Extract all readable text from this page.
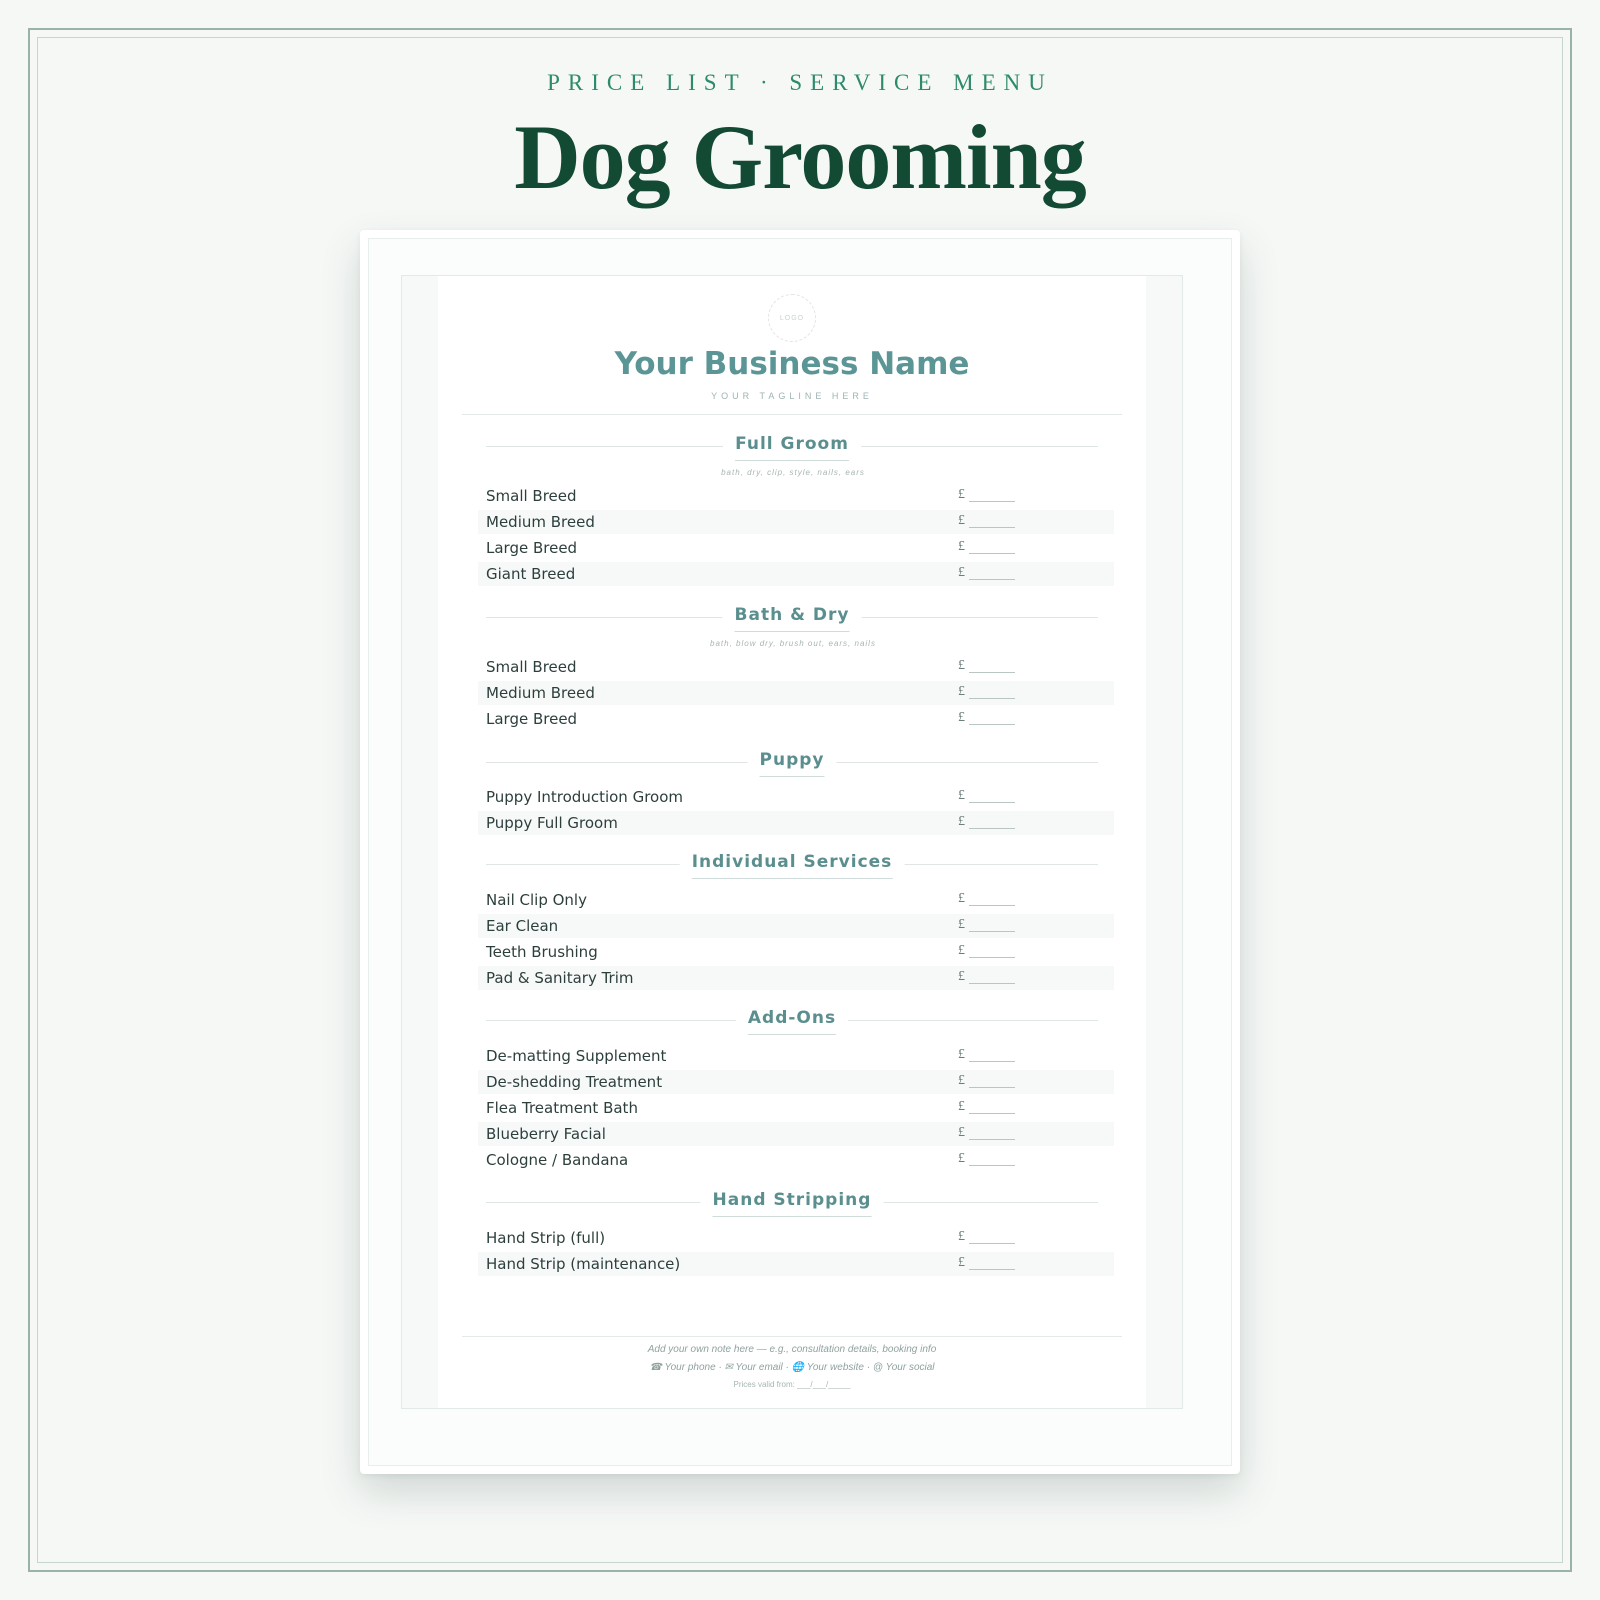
PRICE LIST · SERVICE MENU
Dog Grooming
LOGO
Your Business Name
YOUR TAGLINE HERE
Full Groom
bath, dry, clip, style, nails, ears
Small Breed	£
Medium Breed	£
Large Breed	£
Giant Breed	£
Bath & Dry
bath, blow dry, brush out, ears, nails
Small Breed	£
Medium Breed	£
Large Breed	£
Puppy
Puppy Introduction Groom	£
Puppy Full Groom	£
Individual Services
Nail Clip Only	£
Ear Clean	£
Teeth Brushing	£
Pad & Sanitary Trim	£
Add-Ons
De-matting Supplement	£
De-shedding Treatment	£
Flea Treatment Bath	£
Blueberry Facial	£
Cologne / Bandana	£
Hand Stripping
Hand Strip (full)	£
Hand Strip (maintenance)	£
Add your own note here — e.g., consultation details, booking info
☎ Your phone · ✉ Your email · 🌐 Your website · @ Your social
Prices valid from: ___/___/_____
